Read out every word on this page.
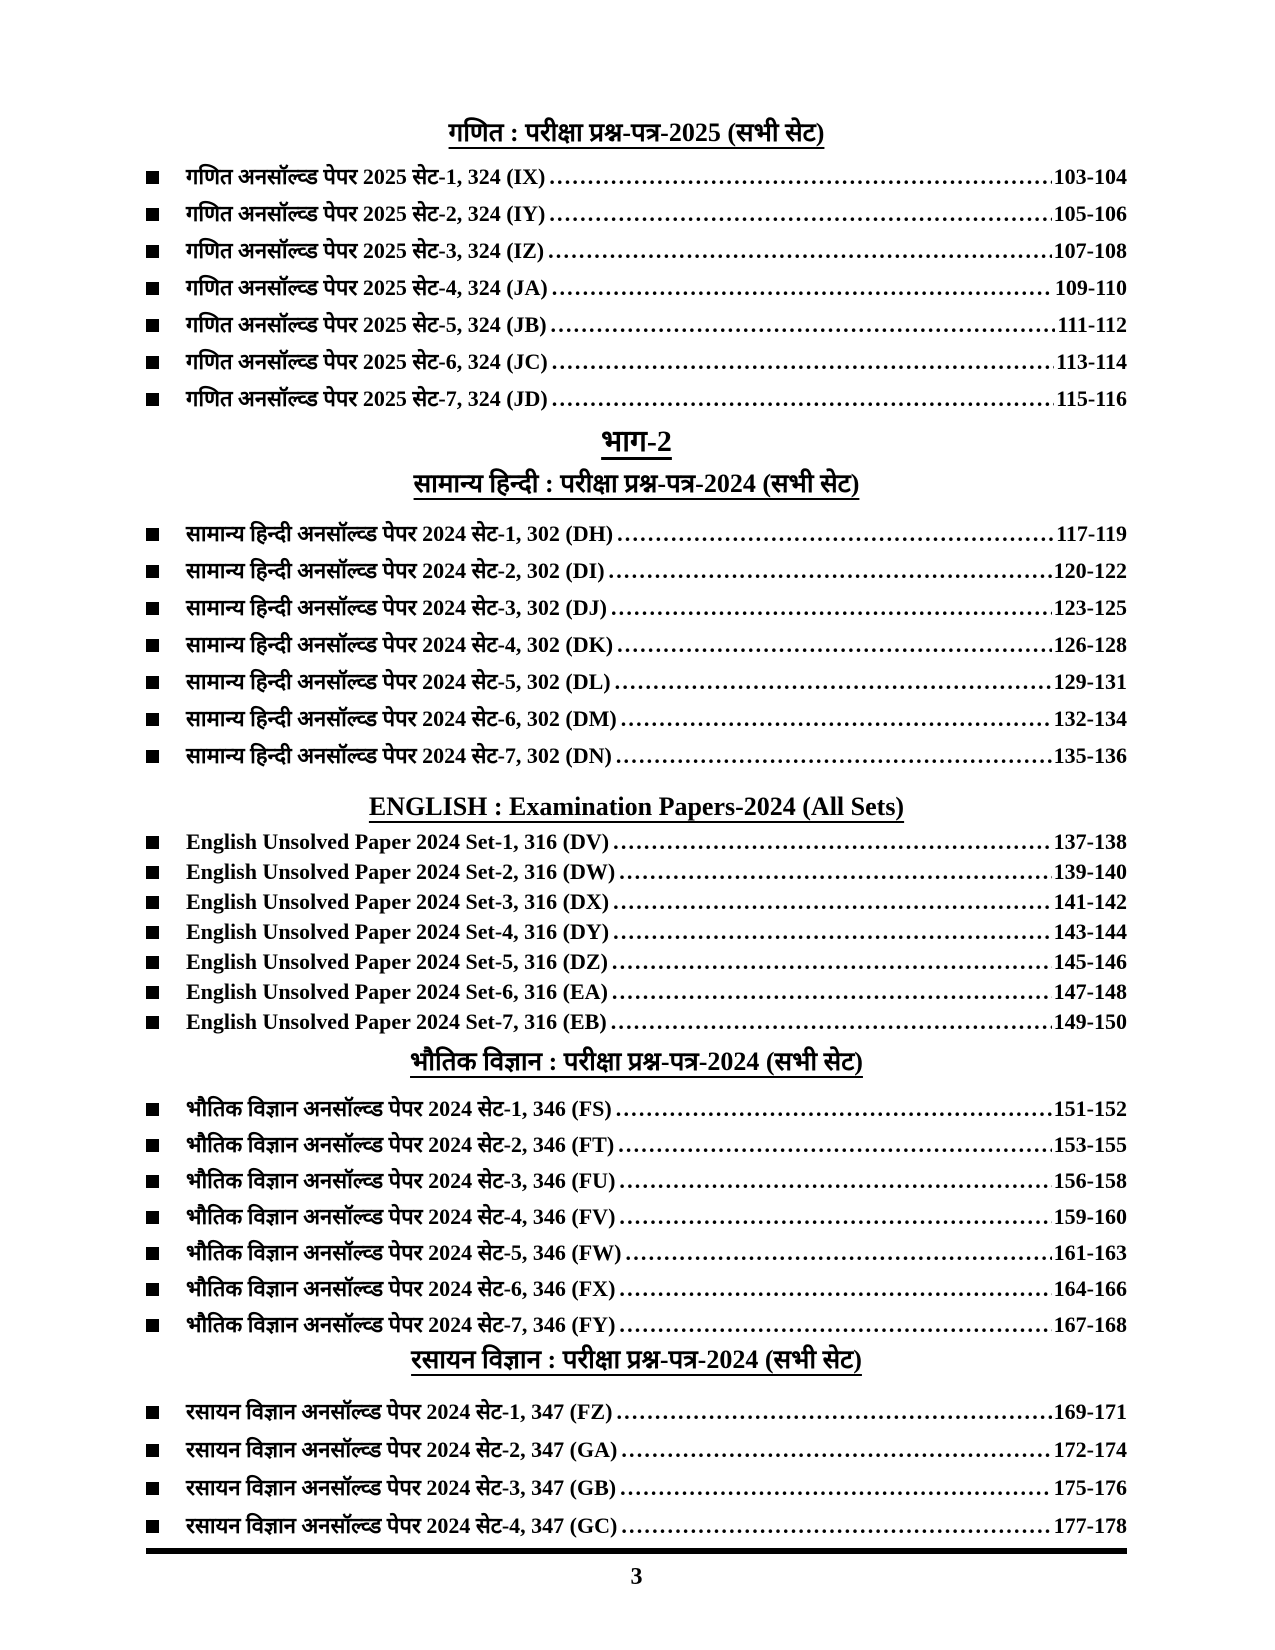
गणित : परीक्षा प्रश्न-पत्र-2025 (सभी सेट)
गणित अनसॉल्व्ड पेपर 2025 सेट-1, 324 (IX) .....	103-104
गणित अनसॉल्व्ड पेपर 2025 सेट-2, 324 (IY) .....	105-106
गणित अनसॉल्व्ड पेपर 2025 सेट-3, 324 (IZ) .....	107-108
गणित अनसॉल्व्ड पेपर 2025 सेट-4, 324 (JA) .....	109-110
गणित अनसॉल्व्ड पेपर 2025 सेट-5, 324 (JB) .....	111-112
गणित अनसॉल्व्ड पेपर 2025 सेट-6, 324 (JC) .....	113-114
गणित अनसॉल्व्ड पेपर 2025 सेट-7, 324 (JD) .....	115-116
भाग-2
सामान्य हिन्दी : परीक्षा प्रश्न-पत्र-2024 (सभी सेट)
सामान्य हिन्दी अनसॉल्व्ड पेपर 2024 सेट-1, 302 (DH) .....	117-119
सामान्य हिन्दी अनसॉल्व्ड पेपर 2024 सेट-2, 302 (DI) .....	120-122
सामान्य हिन्दी अनसॉल्व्ड पेपर 2024 सेट-3, 302 (DJ) .....	123-125
सामान्य हिन्दी अनसॉल्व्ड पेपर 2024 सेट-4, 302 (DK) .....	126-128
सामान्य हिन्दी अनसॉल्व्ड पेपर 2024 सेट-5, 302 (DL) .....	129-131
सामान्य हिन्दी अनसॉल्व्ड पेपर 2024 सेट-6, 302 (DM) .....	132-134
सामान्य हिन्दी अनसॉल्व्ड पेपर 2024 सेट-7, 302 (DN) .....	135-136
ENGLISH : Examination Papers-2024 (All Sets)
English Unsolved Paper 2024 Set-1, 316 (DV) .....	137-138
English Unsolved Paper 2024 Set-2, 316 (DW) .....	139-140
English Unsolved Paper 2024 Set-3, 316 (DX) .....	141-142
English Unsolved Paper 2024 Set-4, 316 (DY) .....	143-144
English Unsolved Paper 2024 Set-5, 316 (DZ) .....	145-146
English Unsolved Paper 2024 Set-6, 316 (EA) .....	147-148
English Unsolved Paper 2024 Set-7, 316 (EB) .....	149-150
भौतिक विज्ञान : परीक्षा प्रश्न-पत्र-2024 (सभी सेट)
भौतिक विज्ञान अनसॉल्व्ड पेपर 2024 सेट-1, 346 (FS) .....	151-152
भौतिक विज्ञान अनसॉल्व्ड पेपर 2024 सेट-2, 346 (FT) .....	153-155
भौतिक विज्ञान अनसॉल्व्ड पेपर 2024 सेट-3, 346 (FU) .....	156-158
भौतिक विज्ञान अनसॉल्व्ड पेपर 2024 सेट-4, 346 (FV) .....	159-160
भौतिक विज्ञान अनसॉल्व्ड पेपर 2024 सेट-5, 346 (FW) .....	161-163
भौतिक विज्ञान अनसॉल्व्ड पेपर 2024 सेट-6, 346 (FX) .....	164-166
भौतिक विज्ञान अनसॉल्व्ड पेपर 2024 सेट-7, 346 (FY) .....	167-168
रसायन विज्ञान : परीक्षा प्रश्न-पत्र-2024 (सभी सेट)
रसायन विज्ञान अनसॉल्व्ड पेपर 2024 सेट-1, 347 (FZ) .....	169-171
रसायन विज्ञान अनसॉल्व्ड पेपर 2024 सेट-2, 347 (GA) .....	172-174
रसायन विज्ञान अनसॉल्व्ड पेपर 2024 सेट-3, 347 (GB) .....	175-176
रसायन विज्ञान अनसॉल्व्ड पेपर 2024 सेट-4, 347 (GC) .....	177-178
3
